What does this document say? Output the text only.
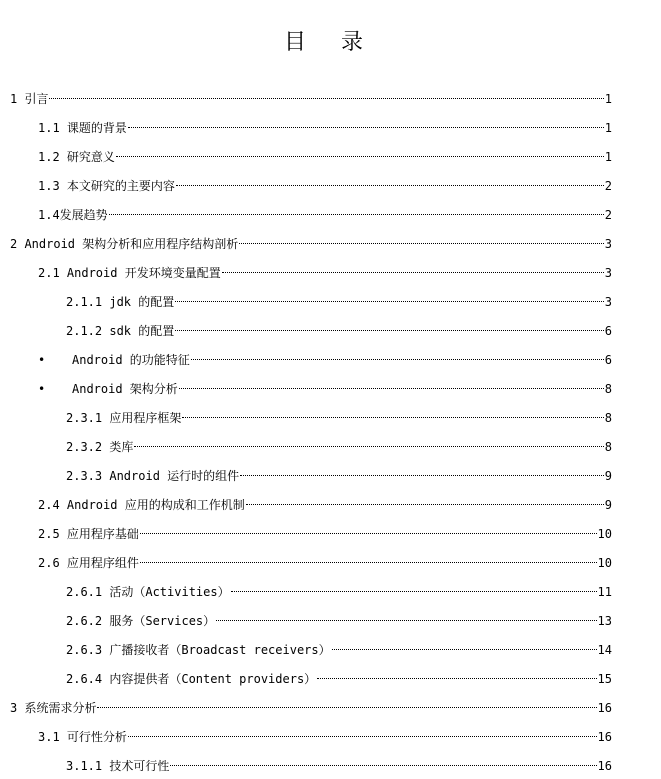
目 录
1 引言	1
1.1 课题的背景	1
1.2 研究意义	1
1.3 本文研究的主要内容	2
1.4发展趋势	2
2 Android 架构分析和应用程序结构剖析	3
2.1 Android 开发环境变量配置	3
2.1.1 jdk 的配置	3
2.1.2 sdk 的配置	6
•	Android 的功能特征	6
•	Android 架构分析	8
2.3.1 应用程序框架	8
2.3.2 类库	8
2.3.3 Android 运行时的组件	9
2.4 Android 应用的构成和工作机制	9
2.5 应用程序基础	10
2.6 应用程序组件	10
2.6.1 活动（Activities）	11
2.6.2 服务（Services）	13
2.6.3 广播接收者（Broadcast receivers）	14
2.6.4 内容提供者（Content providers）	15
3 系统需求分析	16
3.1 可行性分析	16
3.1.1 技术可行性	16
